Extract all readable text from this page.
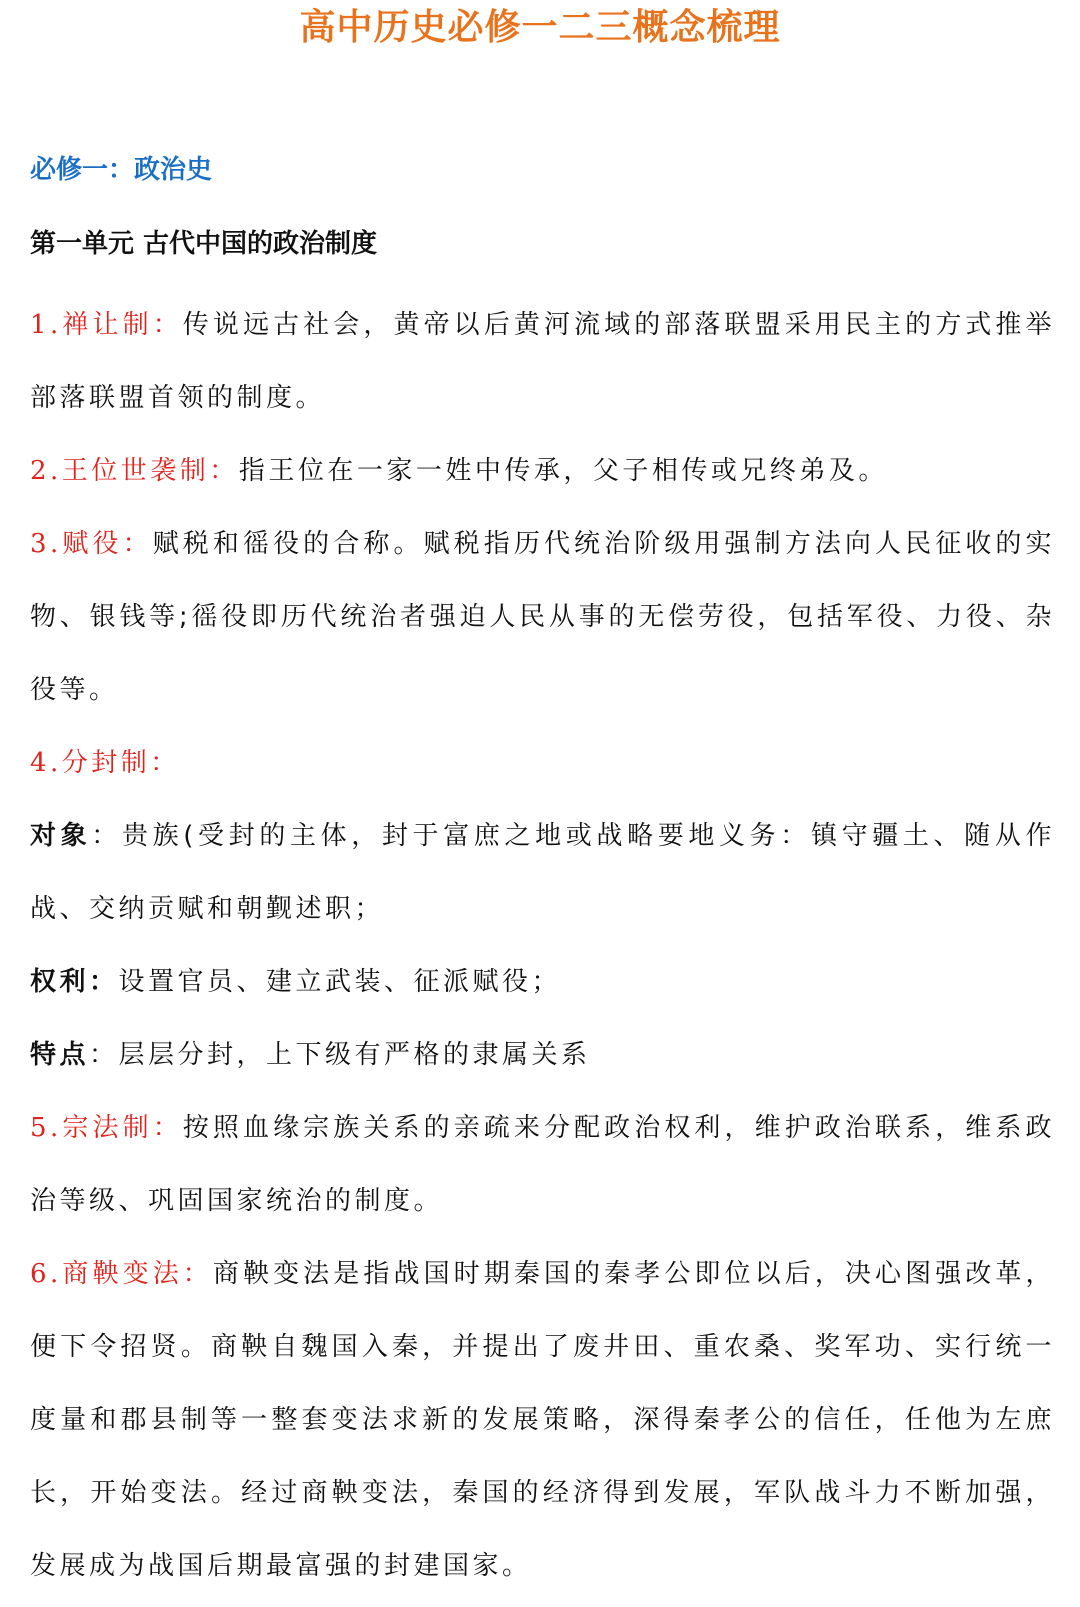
高中历史必修一二三概念梳理
必修一：政治史
第一单元 古代中国的政治制度

1.禅让制：传说远古社会，黄帝以后黄河流域的部落联盟采用民主的方式推举部落联盟首领的制度。

2.王位世袭制：指王位在一家一姓中传承，父子相传或兄终弟及。

3.赋役：赋税和徭役的合称。赋税指历代统治阶级用强制方法向人民征收的实物、银钱等;徭役即历代统治者强迫人民从事的无偿劳役，包括军役、力役、杂役等。

4.分封制：

对象：贵族(受封的主体，封于富庶之地或战略要地义务：镇守疆土、随从作战、交纳贡赋和朝觐述职；

权利：设置官员、建立武装、征派赋役；

特点：层层分封，上下级有严格的隶属关系

5.宗法制：按照血缘宗族关系的亲疏来分配政治权利，维护政治联系，维系政治等级、巩固国家统治的制度。

6.商鞅变法：商鞅变法是指战国时期秦国的秦孝公即位以后，决心图强改革，便下令招贤。商鞅自魏国入秦，并提出了废井田、重农桑、奖军功、实行统一度量和郡县制等一整套变法求新的发展策略，深得秦孝公的信任，任他为左庶长，开始变法。经过商鞅变法，秦国的经济得到发展，军队战斗力不断加强，发展成为战国后期最富强的封建国家。
